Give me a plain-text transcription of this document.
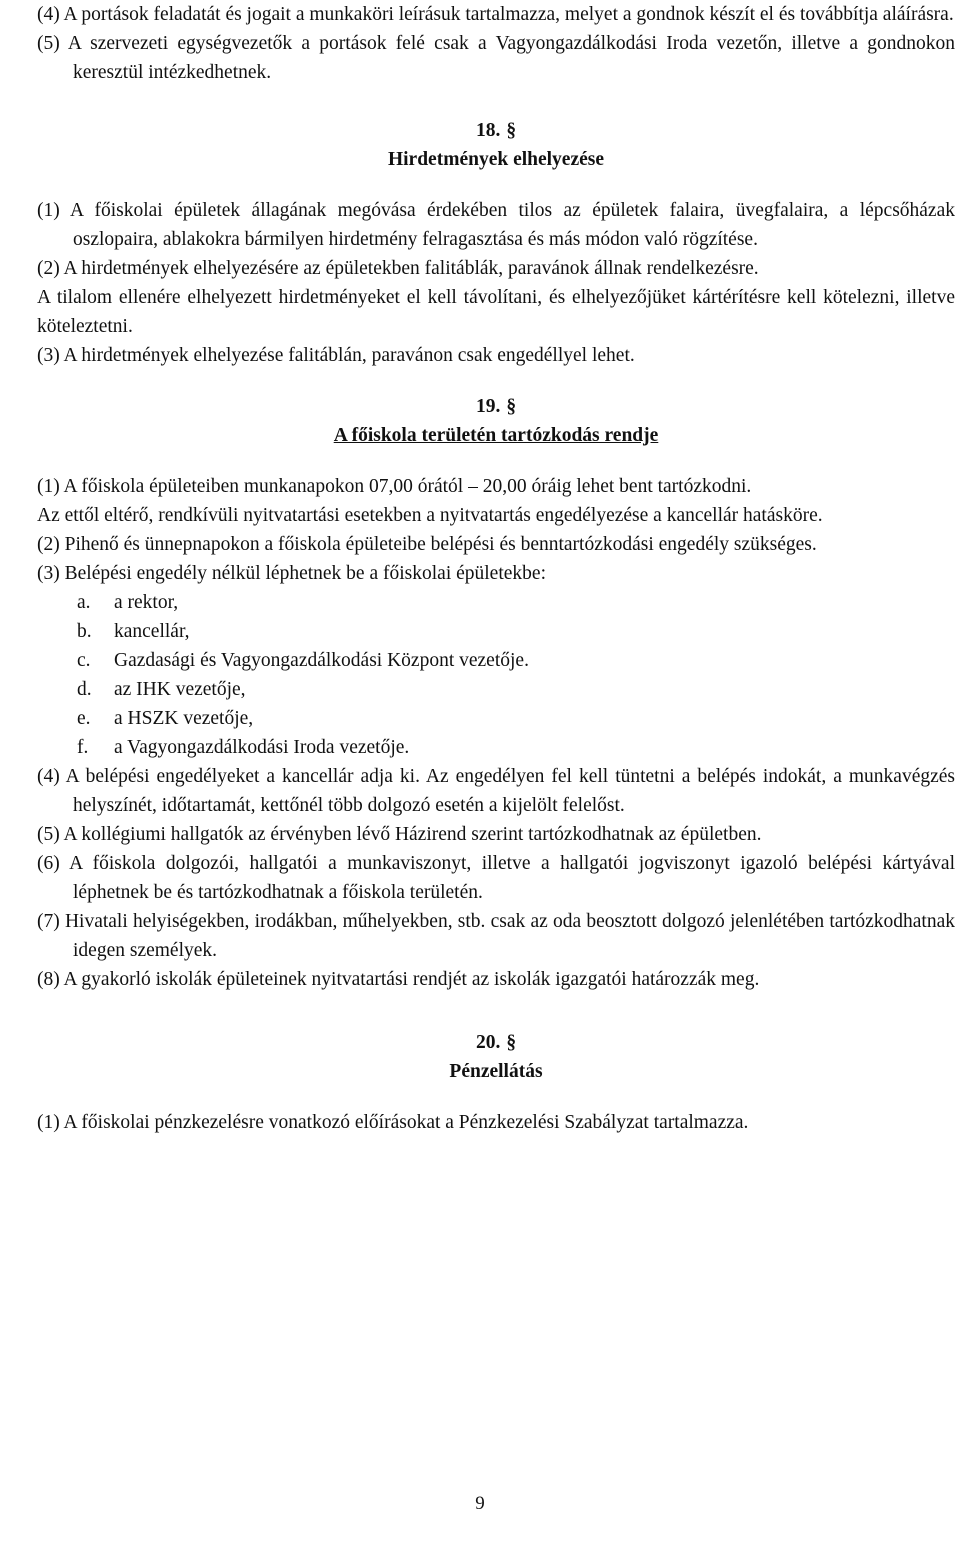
(4) A portások feladatát és jogait a munkaköri leírásuk tartalmazza, melyet a gondnok készít el és továbbítja aláírásra.

(5) A szervezeti egységvezetők a portások felé csak a Vagyongazdálkodási Iroda vezetőn, illetve a gondnokon keresztül intézkedhetnek.

18. §
Hirdetmények elhelyezése

(1) A főiskolai épületek állagának megóvása érdekében tilos az épületek falaira, üvegfalaira, a lépcsőházak oszlopaira, ablakokra bármilyen hirdetmény felragasztása és más módon való rögzítése.

(2) A hirdetmények elhelyezésére az épületekben falitáblák, paravánok állnak rendelkezésre.

A tilalom ellenére elhelyezett hirdetményeket el kell távolítani, és elhelyezőjüket kártérítésre kell kötelezni, illetve köteleztetni.

(3) A hirdetmények elhelyezése falitáblán, paravánon csak engedéllyel lehet.

19. §
A főiskola területén tartózkodás rendje

(1) A főiskola épületeiben munkanapokon 07,00 órától – 20,00 óráig lehet bent tartózkodni.

Az ettől eltérő, rendkívüli nyitvatartási esetekben a nyitvatartás engedélyezése a kancellár hatásköre.

(2) Pihenő és ünnepnapokon a főiskola épületeibe belépési és benntartózkodási engedély szükséges.

(3) Belépési engedély nélkül léphetnek be a főiskolai épületekbe:

a. a rektor,
b. kancellár,
c. Gazdasági és Vagyongazdálkodási Központ vezetője.
d. az IHK vezetője,
e. a HSZK vezetője,
f. a Vagyongazdálkodási Iroda vezetője.

(4) A belépési engedélyeket a kancellár adja ki. Az engedélyen fel kell tüntetni a belépés indokát, a munkavégzés helyszínét, időtartamát, kettőnél több dolgozó esetén a kijelölt felelőst.

(5) A kollégiumi hallgatók az érvényben lévő Házirend szerint tartózkodhatnak az épületben.

(6) A főiskola dolgozói, hallgatói a munkaviszonyt, illetve a hallgatói jogviszonyt igazoló belépési kártyával léphetnek be és tartózkodhatnak a főiskola területén.

(7) Hivatali helyiségekben, irodákban, műhelyekben, stb. csak az oda beosztott dolgozó jelenlétében tartózkodhatnak idegen személyek.

(8) A gyakorló iskolák épületeinek nyitvatartási rendjét az iskolák igazgatói határozzák meg.

20. §
Pénzellátás

(1) A főiskolai pénzkezelésre vonatkozó előírásokat a Pénzkezelési Szabályzat tartalmazza.

9
